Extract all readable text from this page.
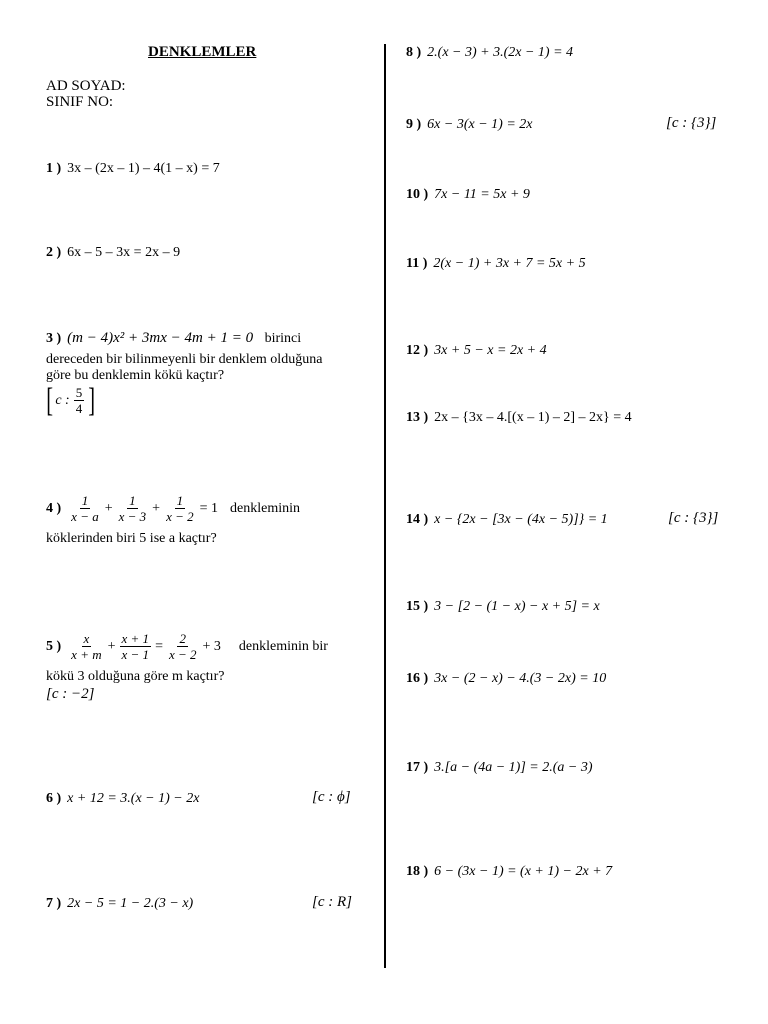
DENKLEMLER
AD SOYAD:
SINIF NO:
1 ) 3x – (2x – 1) – 4(1 – x) = 7
2 ) 6x – 5 – 3x = 2x – 9
3 ) (m − 4)x² + 3mx − 4m + 1 = 0 birinci
dereceden bir bilinmeyenli bir denklem olduğuna
göre bu denklemin kökü kaçtır?
[ c : $\frac{5}{4}$ ]
4 ) $\frac{1}{x - a} + \frac{1}{x - 3} + \frac{1}{x - 2} = 1$ denkleminin
köklerinden biri 5 ise a kaçtır?
5 ) $\frac{x}{x + m} + \frac{x + 1}{x - 1} = \frac{2}{x - 2} + 3$ denkleminin bir
kökü 3 olduğuna göre m kaçtır?
[c : −2]
6 ) x + 12 = 3.(x − 1) − 2x	[c : ϕ]
7 ) 2x − 5 = 1 − 2.(3 − x)	[c : R]
8 ) 2.(x − 3) + 3.(2x − 1) = 4
9 ) 6x − 3(x − 1) = 2x	[c : {3}]
10 ) 7x − 11 = 5x + 9
11 ) 2(x − 1) + 3x + 7 = 5x + 5
12 ) 3x + 5 − x = 2x + 4
13 ) 2x – {3x – 4.[(x – 1) – 2] – 2x} = 4
14 ) x − {2x − [3x − (4x − 5)]} = 1	[c : {3}]
15 ) 3 − [2 − (1 − x) − x + 5] = x
16 ) 3x − (2 − x) − 4.(3 − 2x) = 10
17 ) 3.[a − (4a − 1)] = 2.(a − 3)
18 ) 6 − (3x − 1) = (x + 1) − 2x + 7
